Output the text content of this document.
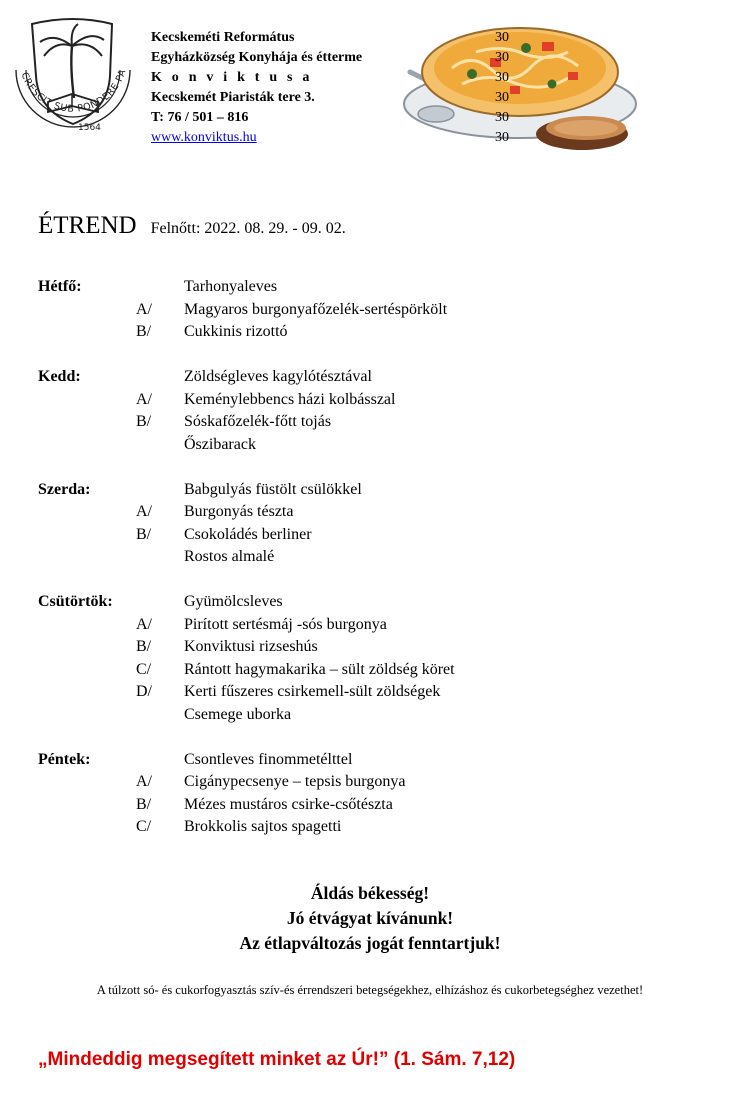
CRESCIT SUB PONDERE PA
1564
Kecskeméti Református
Egyházközség Konyhája és étterme
K o n v i k t u s a
Kecskemét Piaristák tere 3.
T: 76 / 501 – 816
www.konviktus.hu
30
30
30
30
30
30
ÉTREND Felnőtt: 2022. 08. 29. - 09. 02.
Hétfő:	Tarhonyaleves
A/ Magyaros burgonyafőzelék-sertéspörkölt
B/ Cukkinis rizottó
Kedd:	Zöldségleves kagylótésztával
A/ Keménylebbencs házi kolbásszal
B/ Sóskafőzelék-főtt tojás
Őszibarack
Szerda:	Babgulyás füstölt csülökkel
A/ Burgonyás tészta
B/ Csokoládés berliner
Rostos almalé
Csütörtök:	Gyümölcsleves
A/ Pirított sertésmáj -sós burgonya
B/ Konviktusi rizseshús
C/ Rántott hagymakarika – sült zöldség köret
D/ Kerti fűszeres csirkemell-sült zöldségek
Csemege uborka
Péntek:	Csontleves finommetélttel
A/ Cigánypecsenye – tepsis burgonya
B/ Mézes mustáros csirke-csőtészta
C/ Brokkolis sajtos spagetti
Áldás békesség!
Jó étvágyat kívánunk!
Az étlapváltozás jogát fenntartjuk!
A túlzott só- és cukorfogyasztás szív-és érrendszeri betegségekhez, elhízáshoz és cukorbetegséghez vezethet!
„Mindeddig megsegített minket az Úr!” (1. Sám. 7,12)
